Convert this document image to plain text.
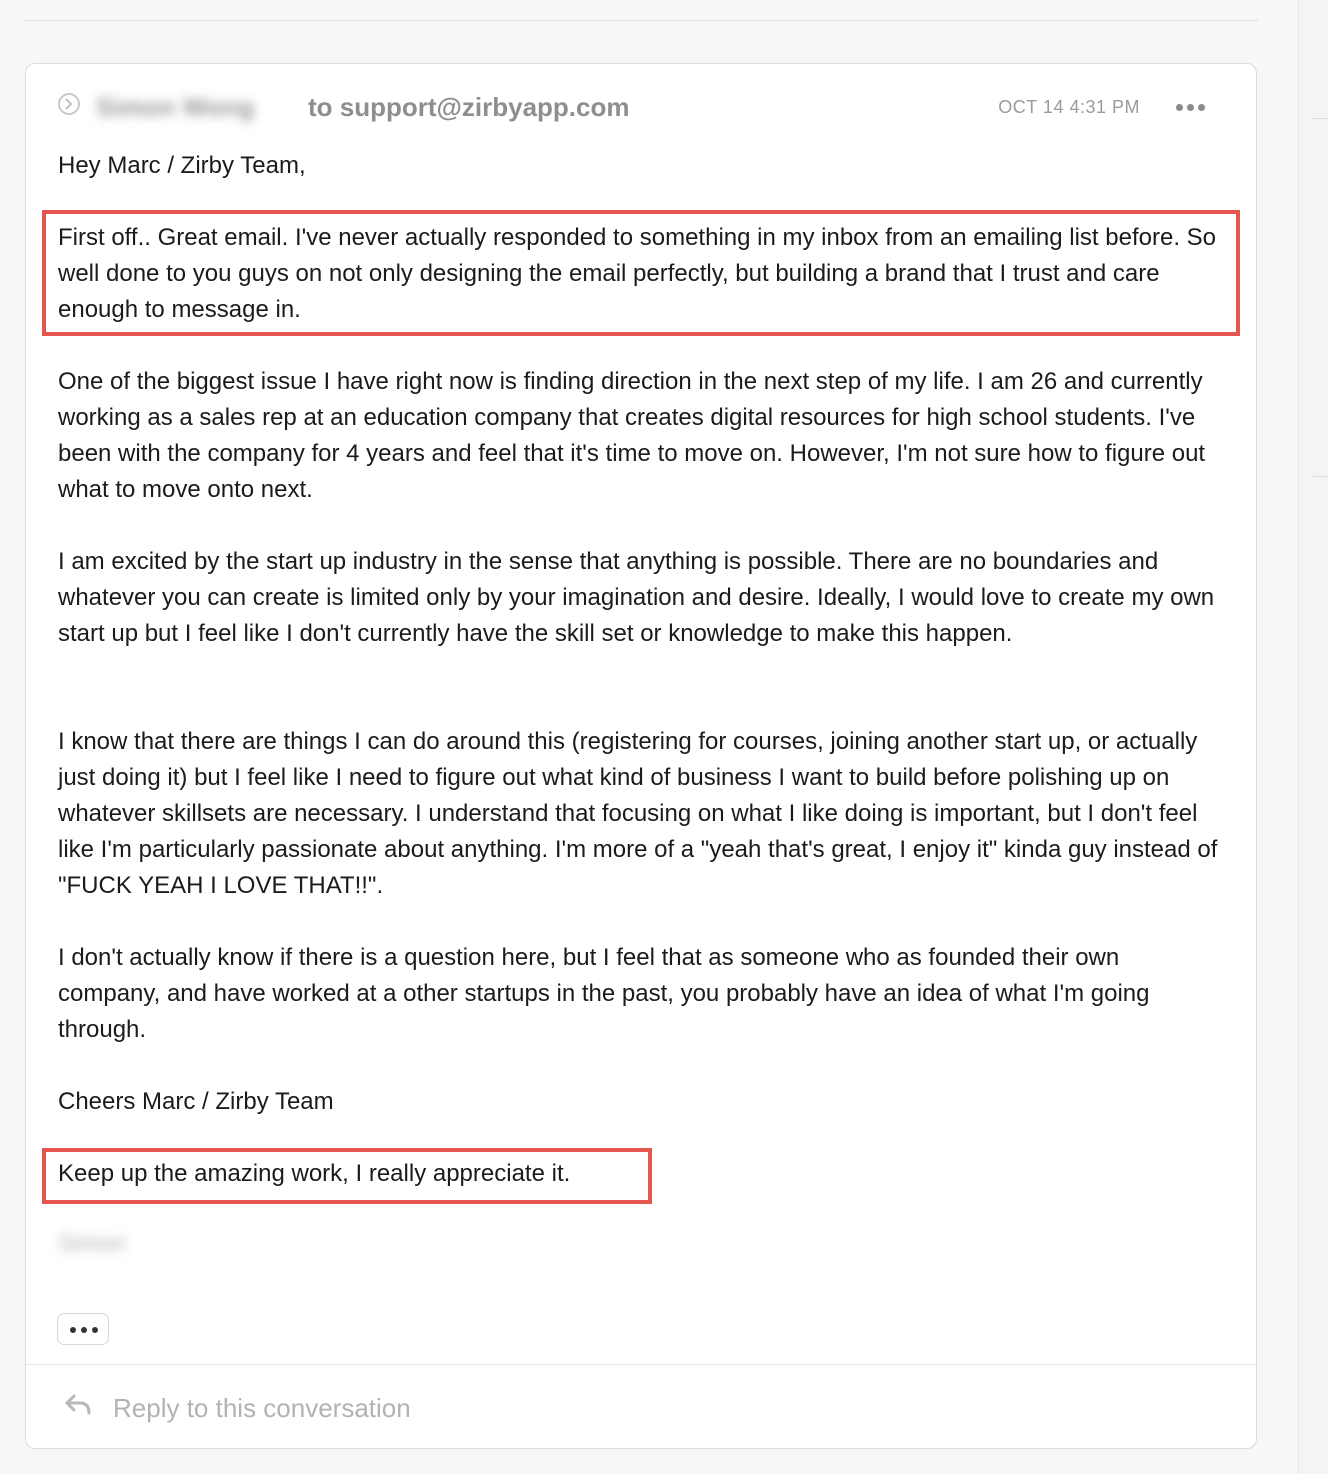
Simon Wong to support@zirbyapp.com	OCT 14 4:31 PM
Hey Marc / Zirby Team,
First off.. Great email. I've never actually responded to something in my inbox from an emailing list before. So well done to you guys on not only designing the email perfectly, but building a brand that I trust and care enough to message in.
One of the biggest issue I have right now is finding direction in the next step of my life. I am 26 and currently working as a sales rep at an education company that creates digital resources for high school students. I've been with the company for 4 years and feel that it's time to move on. However, I'm not sure how to figure out what to move onto next.
I am excited by the start up industry in the sense that anything is possible. There are no boundaries and whatever you can create is limited only by your imagination and desire. Ideally, I would love to create my own start up but I feel like I don't currently have the skill set or knowledge to make this happen.
I know that there are things I can do around this (registering for courses, joining another start up, or actually just doing it) but I feel like I need to figure out what kind of business I want to build before polishing up on whatever skillsets are necessary. I understand that focusing on what I like doing is important, but I don't feel like I'm particularly passionate about anything. I'm more of a "yeah that's great, I enjoy it" kinda guy instead of "FUCK YEAH I LOVE THAT!!".
I don't actually know if there is a question here, but I feel that as someone who as founded their own company, and have worked at a other startups in the past, you probably have an idea of what I'm going through.
Cheers Marc / Zirby Team
Keep up the amazing work, I really appreciate it.
Simon
Reply to this conversation
